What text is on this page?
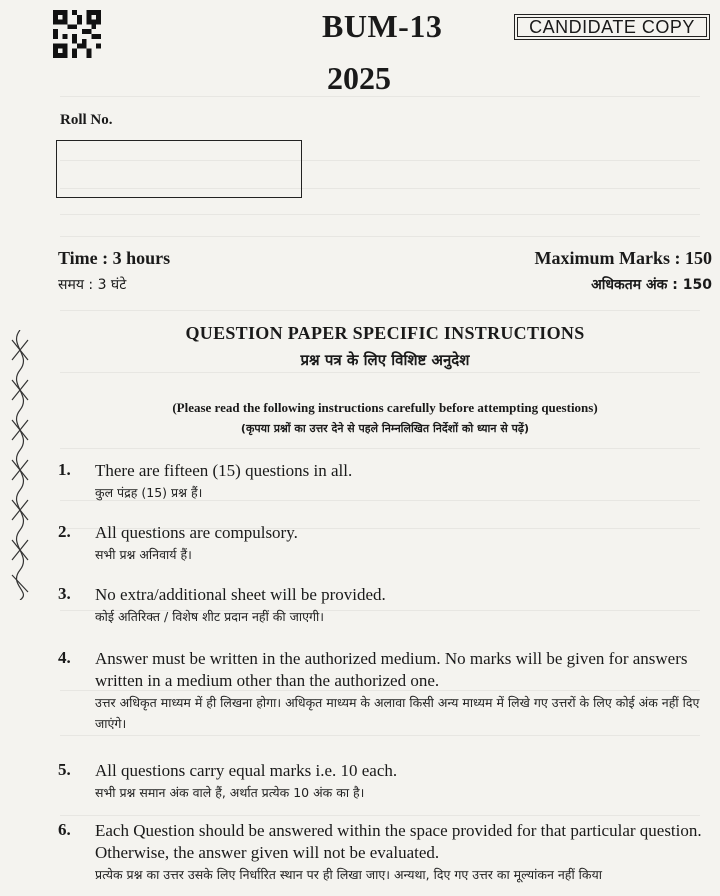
BUM-13
2025
CANDIDATE COPY
Roll No.
Time : 3 hours
समय : 3 घंटे
Maximum Marks : 150
अधिकतम अंक : 150
QUESTION PAPER SPECIFIC INSTRUCTIONS
प्रश्न पत्र के लिए विशिष्ट अनुदेश
(Please read the following instructions carefully before attempting questions)
(कृपया प्रश्नों का उत्तर देने से पहले निम्नलिखित निर्देशों को ध्यान से पढ़ें)
1. There are fifteen (15) questions in all.
कुल पंद्रह (15) प्रश्न हैं।
2. All questions are compulsory.
सभी प्रश्न अनिवार्य हैं।
3. No extra/additional sheet will be provided.
कोई अतिरिक्त / विशेष शीट प्रदान नहीं की जाएगी।
4. Answer must be written in the authorized medium. No marks will be given for answers written in a medium other than the authorized one.
उत्तर अधिकृत माध्यम में ही लिखना होगा। अधिकृत माध्यम के अलावा किसी अन्य माध्यम में लिखे गए उत्तरों के लिए कोई अंक नहीं दिए जाएंगे।
5. All questions carry equal marks i.e. 10 each.
सभी प्रश्न समान अंक वाले हैं, अर्थात प्रत्येक 10 अंक का है।
6. Each Question should be answered within the space provided for that particular question. Otherwise, the answer given will not be evaluated.
प्रत्येक प्रश्न का उत्तर उसके लिए निर्धारित स्थान पर ही लिखा जाए। अन्यथा, दिए गए उत्तर का मूल्यांकन नहीं किया
